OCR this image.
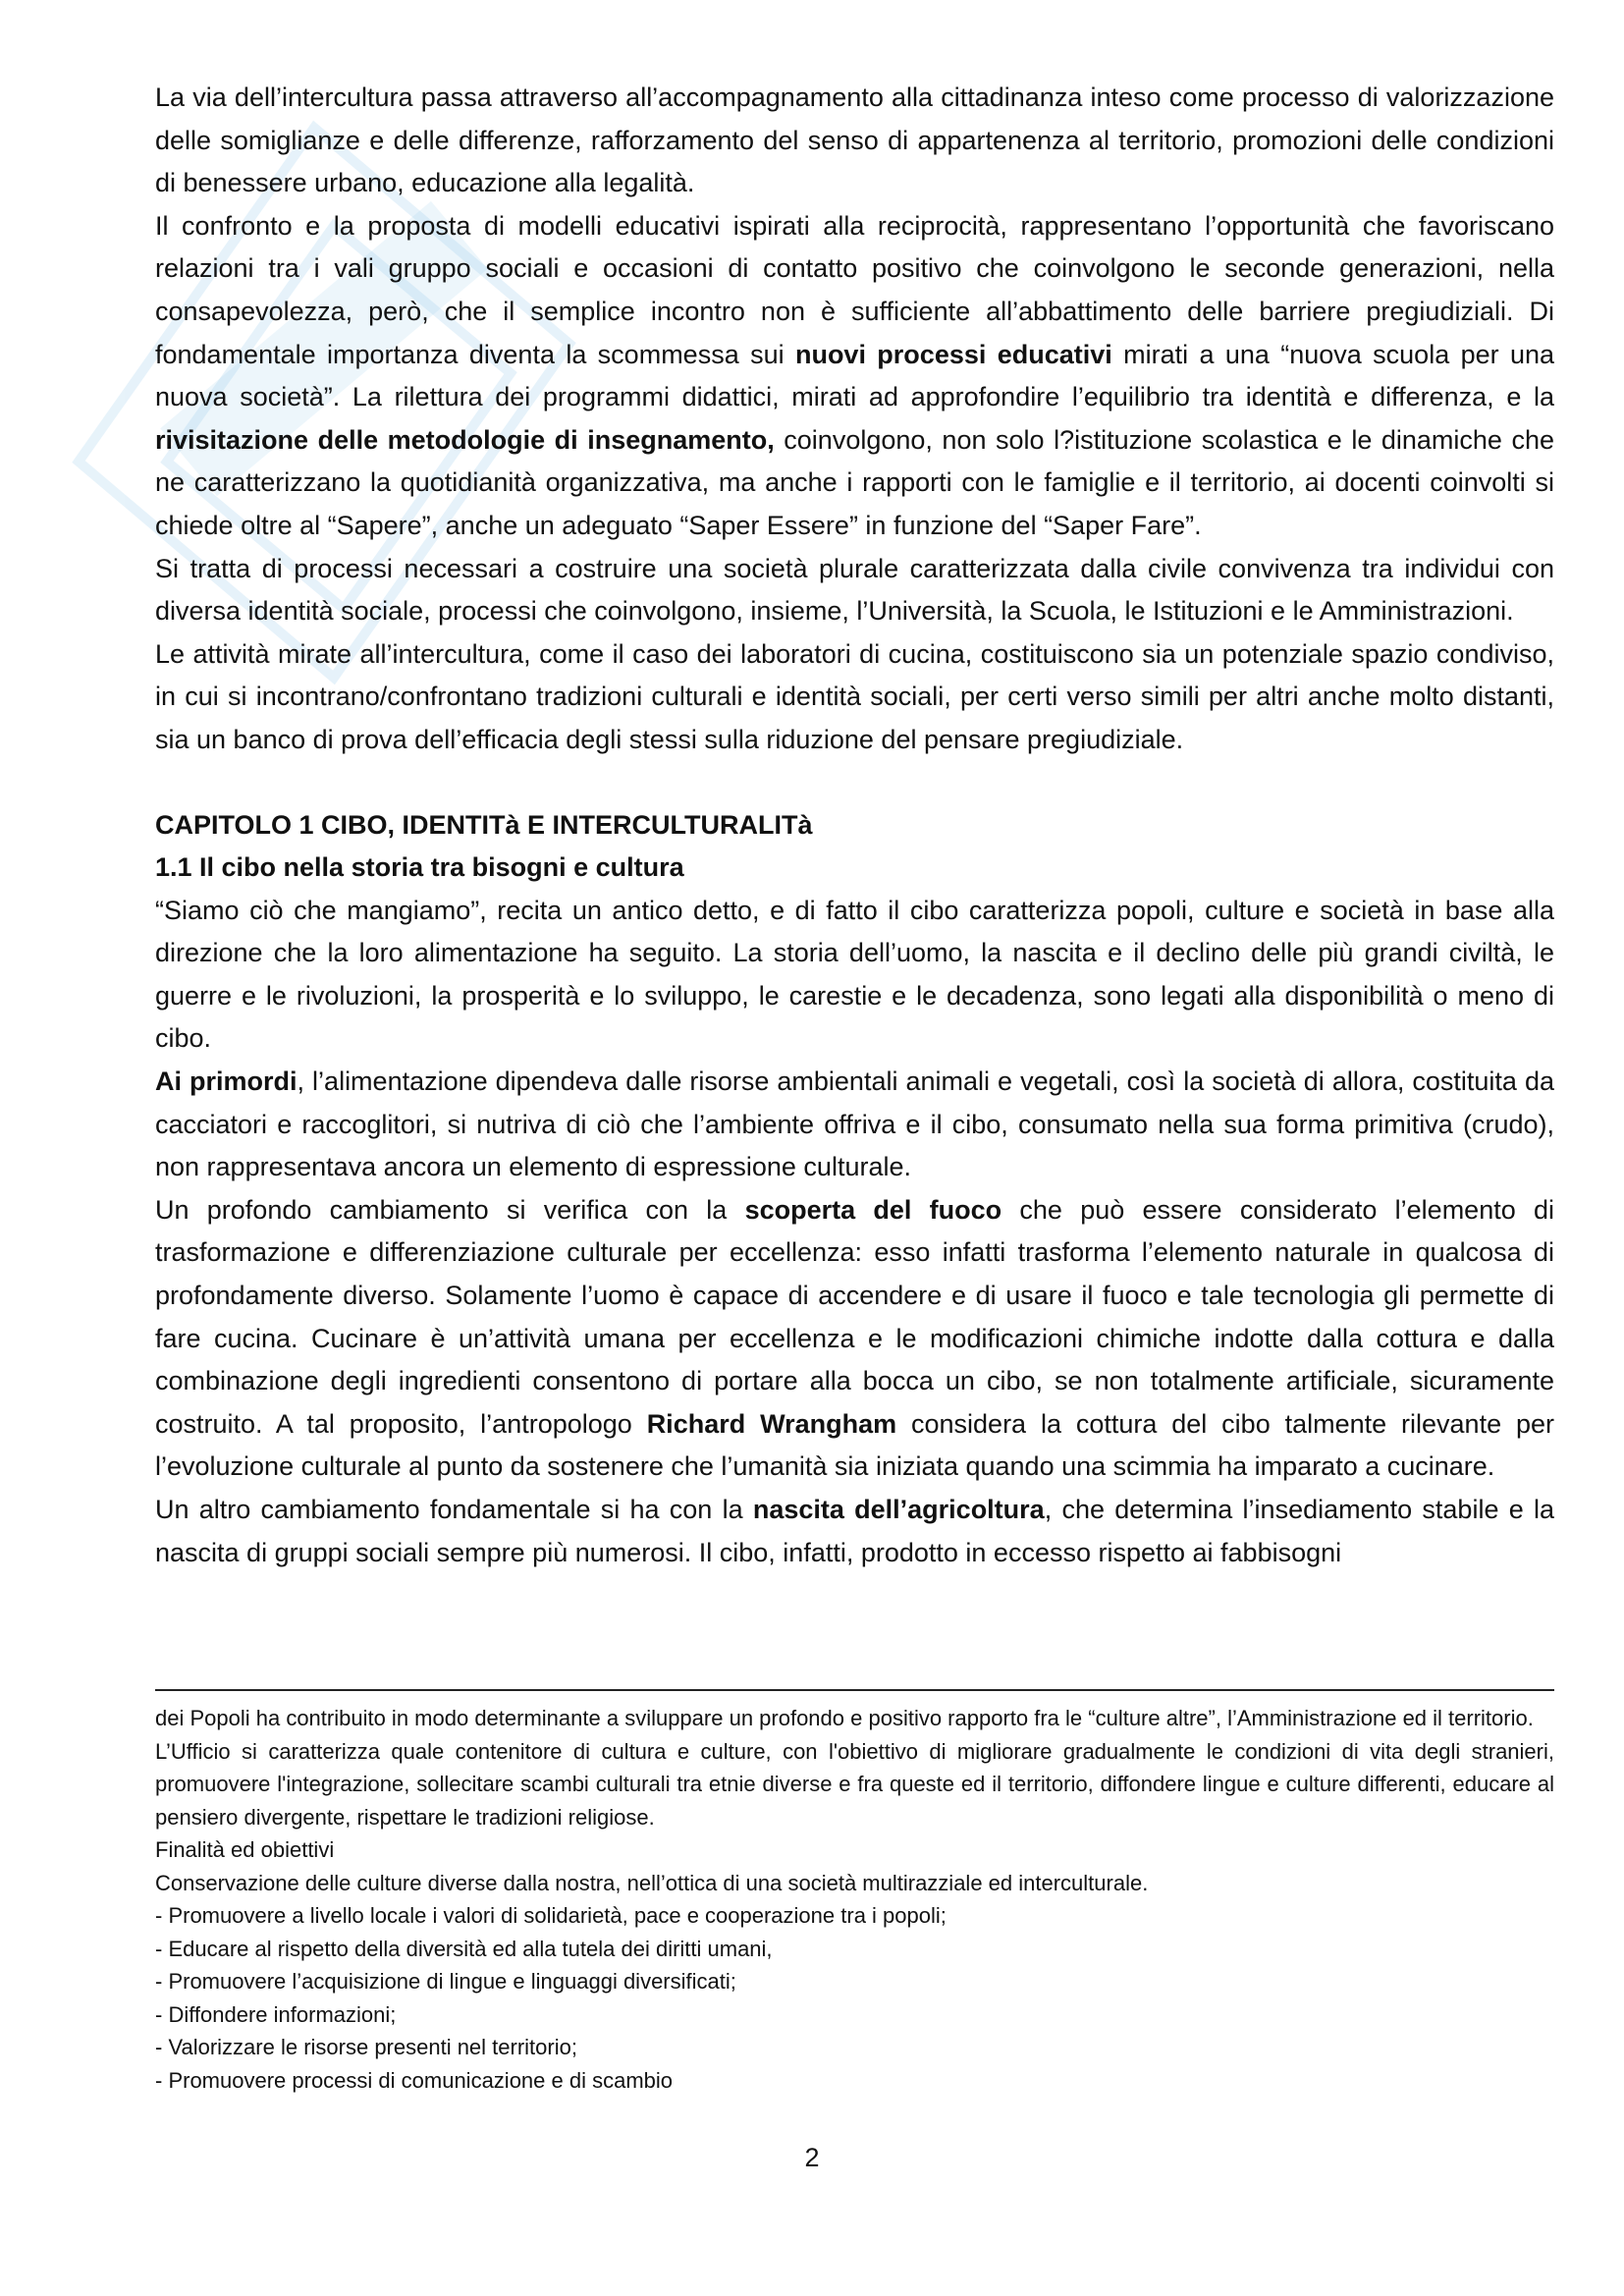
La via dell’intercultura passa attraverso all’accompagnamento alla cittadinanza inteso come processo di valorizzazione delle somiglianze e delle differenze, rafforzamento del senso di appartenenza al territorio, promozioni delle condizioni di benessere urbano, educazione alla legalità.

Il confronto e la proposta di modelli educativi ispirati alla reciprocità, rappresentano l’opportunità che favoriscano relazioni tra i vali gruppo sociali e occasioni di contatto positivo che coinvolgono le seconde generazioni, nella consapevolezza, però, che il semplice incontro non è sufficiente all’abbattimento delle barriere pregiudiziali. Di fondamentale importanza diventa la scommessa sui nuovi processi educativi mirati a una “nuova scuola per una nuova società”. La rilettura dei programmi didattici, mirati ad approfondire l’equilibrio tra identità e differenza, e la rivisitazione delle metodologie di insegnamento, coinvolgono, non solo l?istituzione scolastica e le dinamiche che ne caratterizzano la quotidianità organizzativa, ma anche i rapporti con le famiglie e il territorio, ai docenti coinvolti si chiede oltre al “Sapere”, anche un adeguato “Saper Essere” in funzione del “Saper Fare”.

Si tratta di processi necessari a costruire una società plurale caratterizzata dalla civile convivenza tra individui con diversa identità sociale, processi che coinvolgono, insieme, l’Università, la Scuola, le Istituzioni e le Amministrazioni.

Le attività mirate all’intercultura, come il caso dei laboratori di cucina, costituiscono sia un potenziale spazio condiviso, in cui si incontrano/confrontano tradizioni culturali e identità sociali, per certi verso simili per altri anche molto distanti, sia un banco di prova dell’efficacia degli stessi sulla riduzione del pensare pregiudiziale.

CAPITOLO 1 CIBO, IDENTITà E INTERCULTURALITà

1.1 Il cibo nella storia tra bisogni e cultura

“Siamo ciò che mangiamo”, recita un antico detto, e di fatto il cibo caratterizza popoli, culture e società in base alla direzione che la loro alimentazione ha seguito. La storia dell’uomo, la nascita e il declino delle più grandi civiltà, le guerre e le rivoluzioni, la prosperità e lo sviluppo, le carestie e le decadenza, sono legati alla disponibilità o meno di cibo.

Ai primordi, l’alimentazione dipendeva dalle risorse ambientali animali e vegetali, così la società di allora, costituita da cacciatori e raccoglitori, si nutriva di ciò che l’ambiente offriva e il cibo, consumato nella sua forma primitiva (crudo), non rappresentava ancora un elemento di espressione culturale.

Un profondo cambiamento si verifica con la scoperta del fuoco che può essere considerato l’elemento di trasformazione e differenziazione culturale per eccellenza: esso infatti trasforma l’elemento naturale in qualcosa di profondamente diverso. Solamente l’uomo è capace di accendere e di usare il fuoco e tale tecnologia gli permette di fare cucina. Cucinare è un’attività umana per eccellenza e le modificazioni chimiche indotte dalla cottura e dalla combinazione degli ingredienti consentono di portare alla bocca un cibo, se non totalmente artificiale, sicuramente costruito. A tal proposito, l’antropologo Richard Wrangham considera la cottura del cibo talmente rilevante per l’evoluzione culturale al punto da sostenere che l’umanità sia iniziata quando una scimmia ha imparato a cucinare.

Un altro cambiamento fondamentale si ha con la nascita dell’agricoltura, che determina l’insediamento stabile e la nascita di gruppi sociali sempre più numerosi. Il cibo, infatti, prodotto in eccesso rispetto ai fabbisogni

dei Popoli ha contribuito in modo determinante a sviluppare un profondo e positivo rapporto fra le “culture altre”, l’Amministrazione ed il territorio.

L’Ufficio si caratterizza quale contenitore di cultura e culture, con l'obiettivo di migliorare gradualmente le condizioni di vita degli stranieri, promuovere l'integrazione, sollecitare scambi culturali tra etnie diverse e fra queste ed il territorio, diffondere lingue e culture differenti, educare al pensiero divergente, rispettare le tradizioni religiose.

Finalità ed obiettivi

Conservazione delle culture diverse dalla nostra, nell’ottica di una società multirazziale ed interculturale.

- Promuovere a livello locale i valori di solidarietà, pace e cooperazione tra i popoli;

- Educare al rispetto della diversità ed alla tutela dei diritti umani,

- Promuovere l’acquisizione di lingue e linguaggi diversificati;

- Diffondere informazioni;

- Valorizzare le risorse presenti nel territorio;

- Promuovere processi di comunicazione e di scambio

2
